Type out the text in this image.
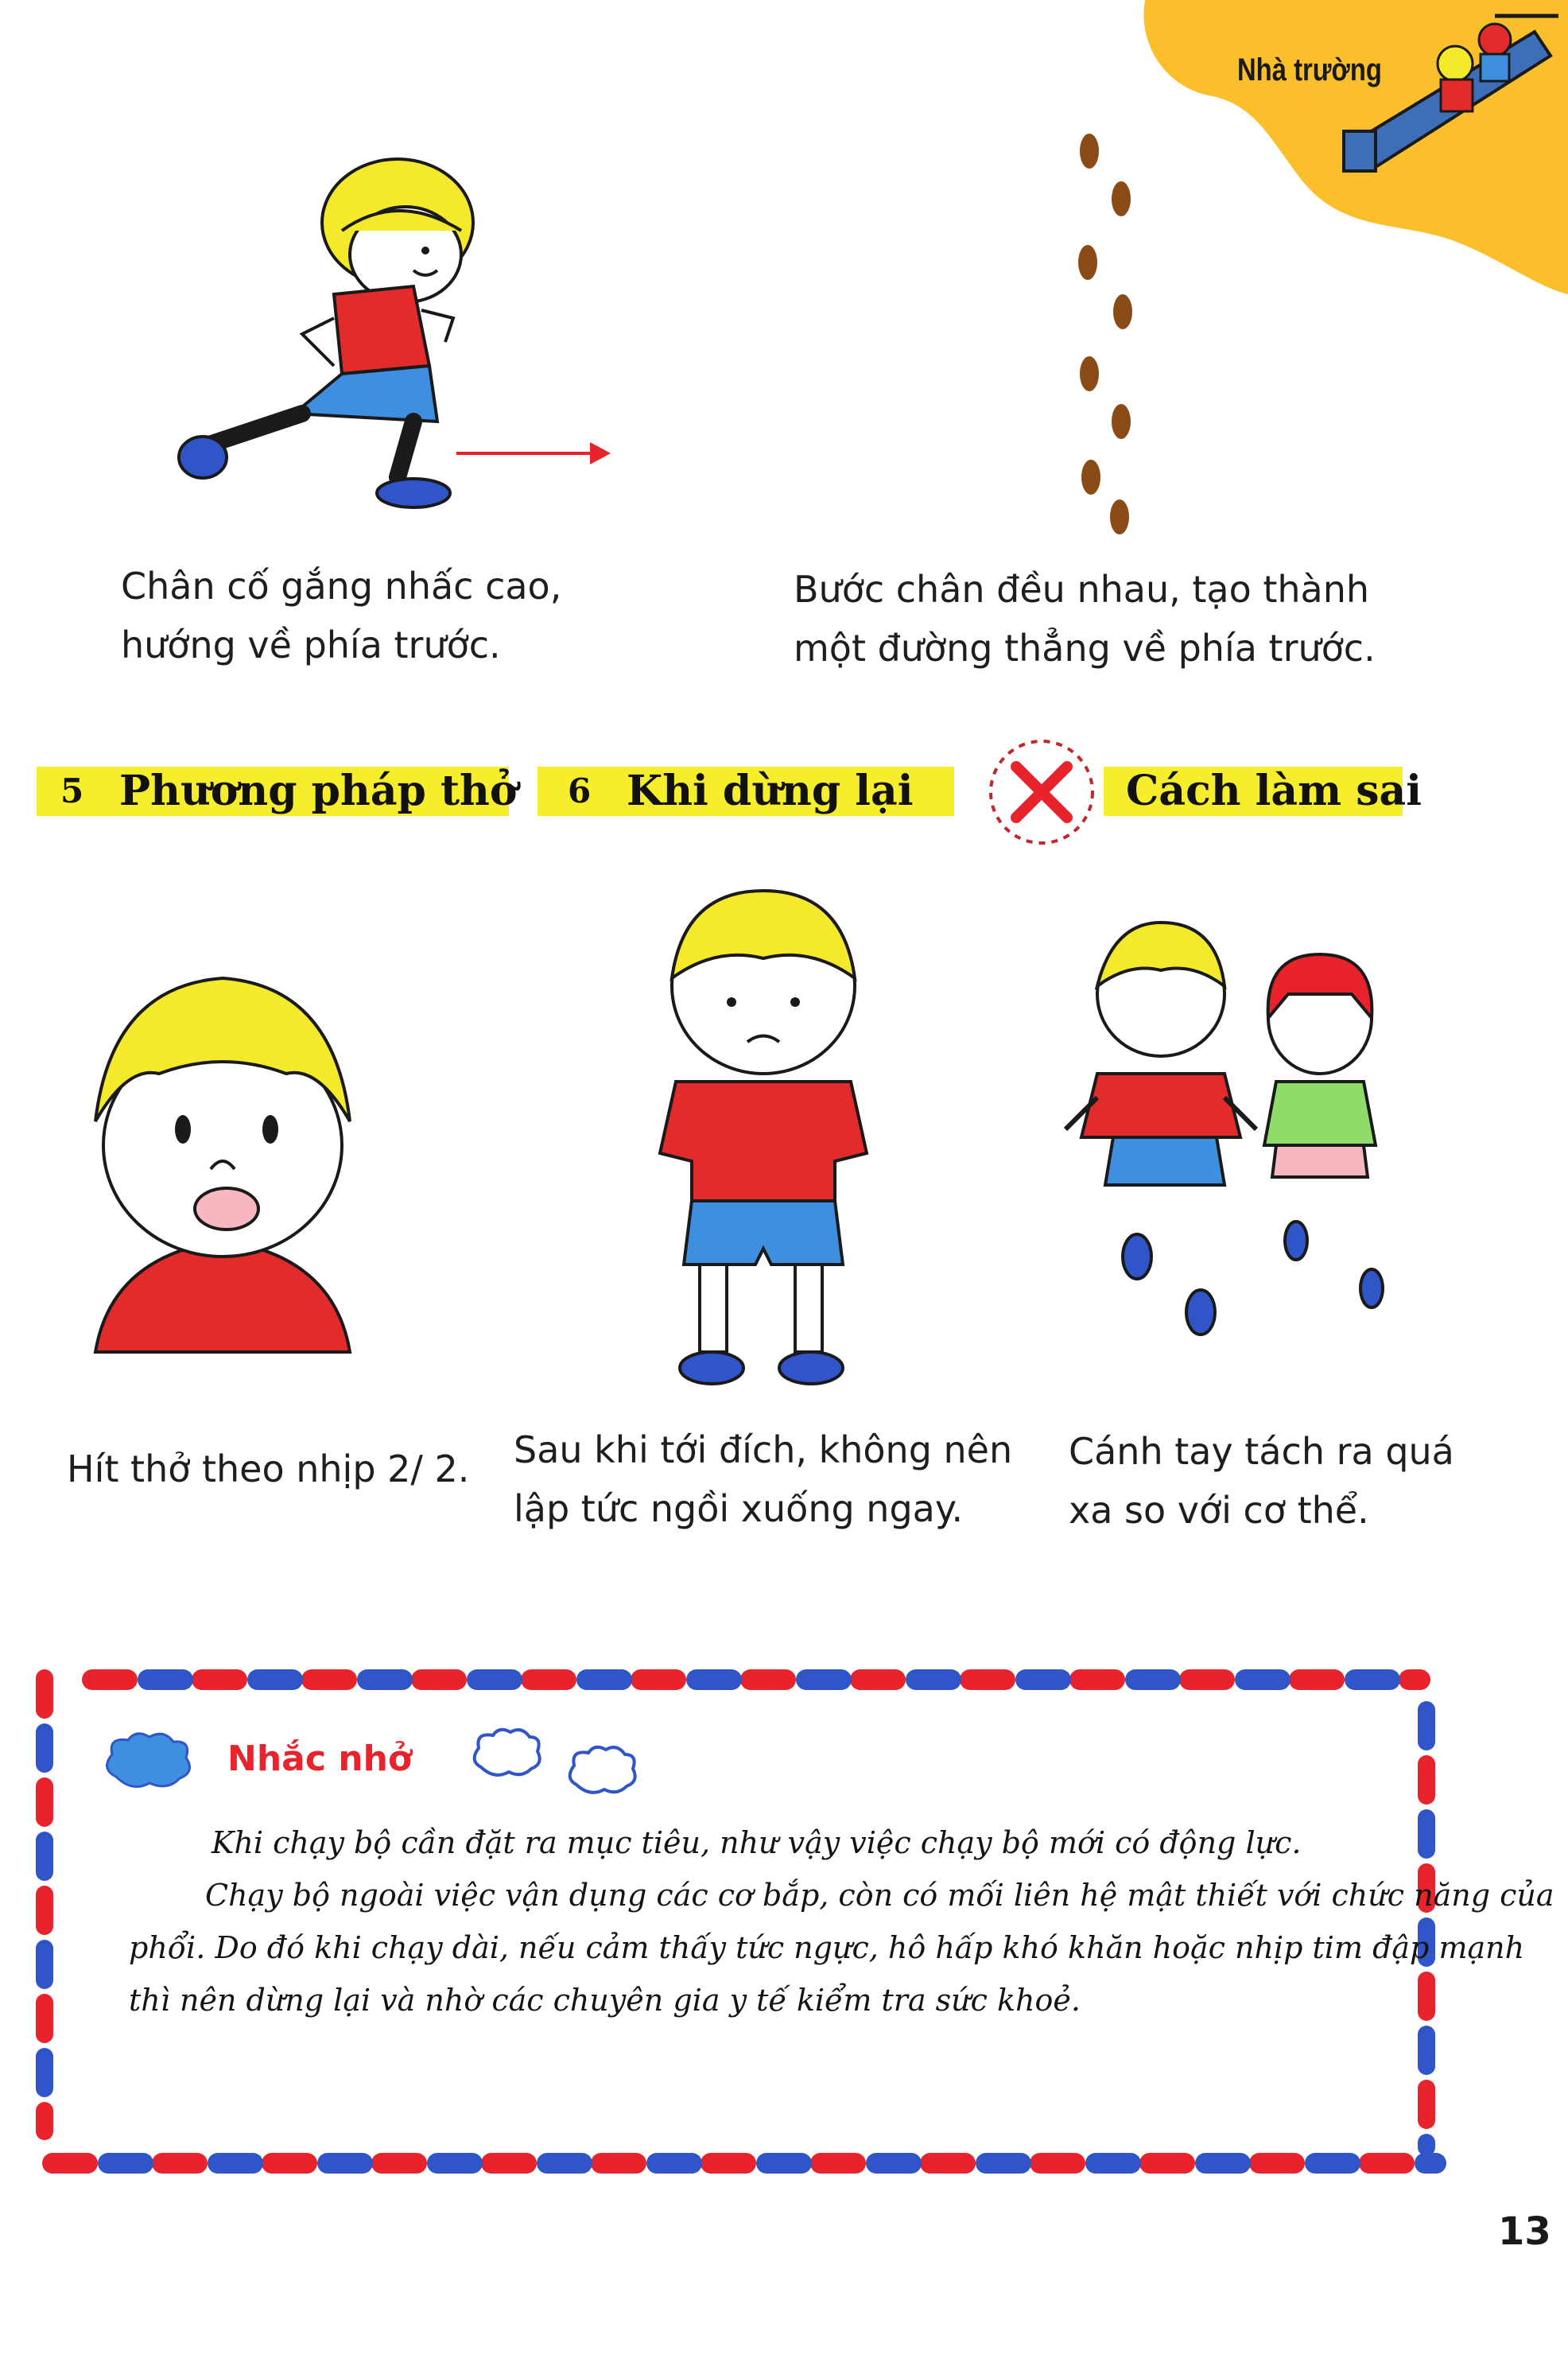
Nhà trường
Chân cố gắng nhấc cao,
hướng về phía trước.
Bước chân đều nhau, tạo thành
một đường thẳng về phía trước.
5 Phương pháp thở 6 Khi dừng lại	Cách làm sai
Hít thở theo nhịp 2/ 2. Sau khi tới đích, không nên
lập tức ngồi xuống ngay.
Cánh tay tách ra quá
xa so với cơ thể.
Nhắc nhở
Khi chạy bộ cần đặt ra mục tiêu, như vậy việc chạy bộ mới có động lực.
Chạy bộ ngoài việc vận dụng các cơ bắp, còn có mối liên hệ mật thiết với chức năng của
phổi. Do đó khi chạy dài, nếu cảm thấy tức ngực, hô hấp khó khăn hoặc nhịp tim đập mạnh
thì nên dừng lại và nhờ các chuyên gia y tế kiểm tra sức khoẻ.
13
